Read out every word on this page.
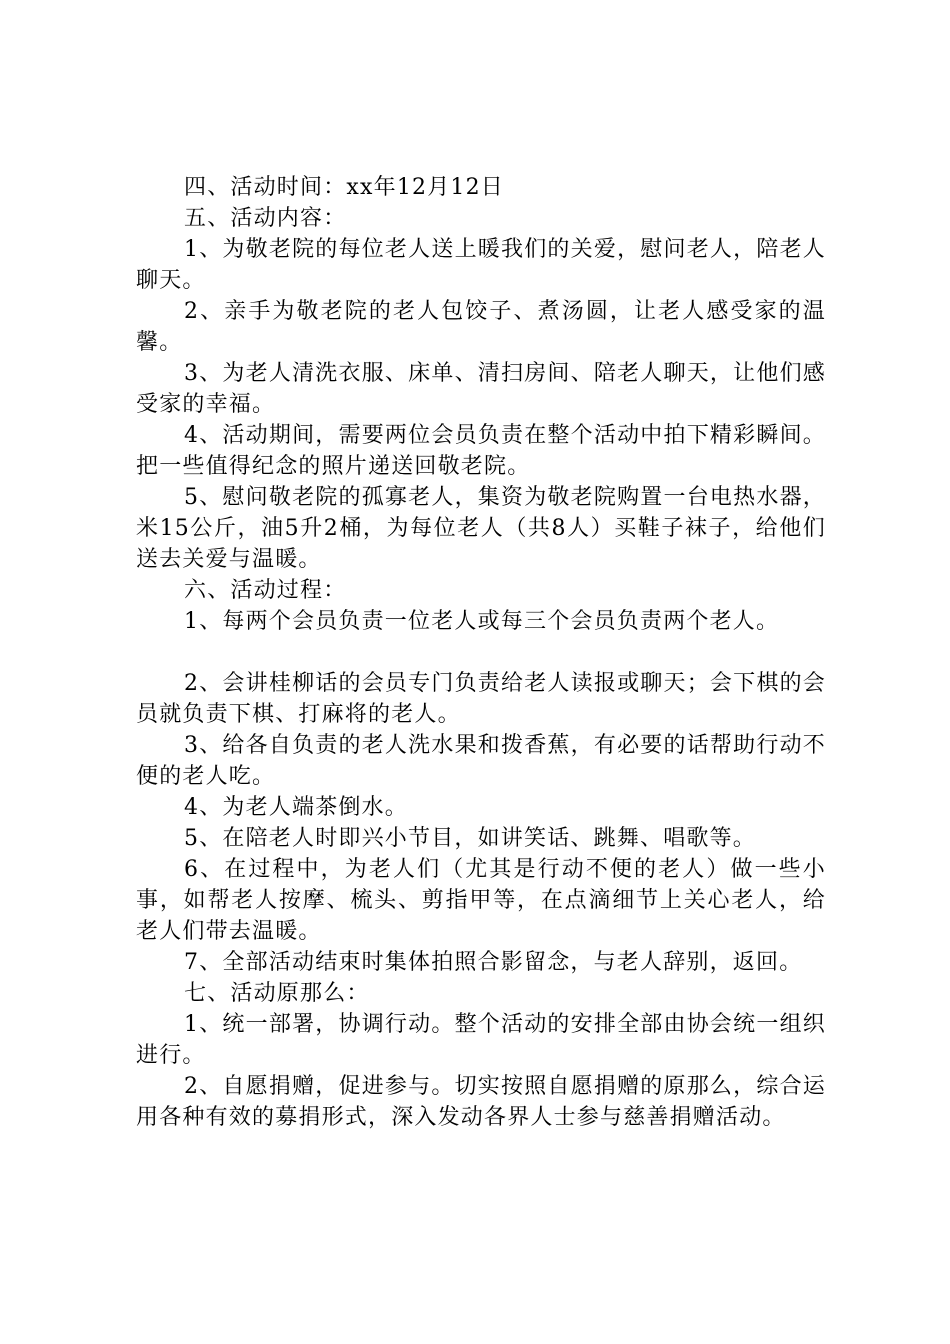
四、活动时间：xx年12月12日

五、活动内容：

1、为敬老院的每位老人送上暖我们的关爱，慰问老人，陪老人聊天。

2、亲手为敬老院的老人包饺子、煮汤圆，让老人感受家的温馨。

3、为老人清洗衣服、床单、清扫房间、陪老人聊天，让他们感受家的幸福。

4、活动期间，需要两位会员负责在整个活动中拍下精彩瞬间。把一些值得纪念的照片递送回敬老院。

5、慰问敬老院的孤寡老人，集资为敬老院购置一台电热水器，米15公斤，油5升2桶，为每位老人（共8人）买鞋子袜子，给他们送去关爱与温暖。

六、活动过程：

1、每两个会员负责一位老人或每三个会员负责两个老人。

2、会讲桂柳话的会员专门负责给老人读报或聊天；会下棋的会员就负责下棋、打麻将的老人。

3、给各自负责的老人洗水果和拨香蕉，有必要的话帮助行动不便的老人吃。

4、为老人端茶倒水。

5、在陪老人时即兴小节目，如讲笑话、跳舞、唱歌等。

6、在过程中，为老人们（尤其是行动不便的老人）做一些小事，如帮老人按摩、梳头、剪指甲等，在点滴细节上关心老人，给老人们带去温暖。

7、全部活动结束时集体拍照合影留念，与老人辞别，返回。

七、活动原那么：

1、统一部署，协调行动。整个活动的安排全部由协会统一组织进行。

2、自愿捐赠，促进参与。切实按照自愿捐赠的原那么，综合运用各种有效的募捐形式，深入发动各界人士参与慈善捐赠活动。
